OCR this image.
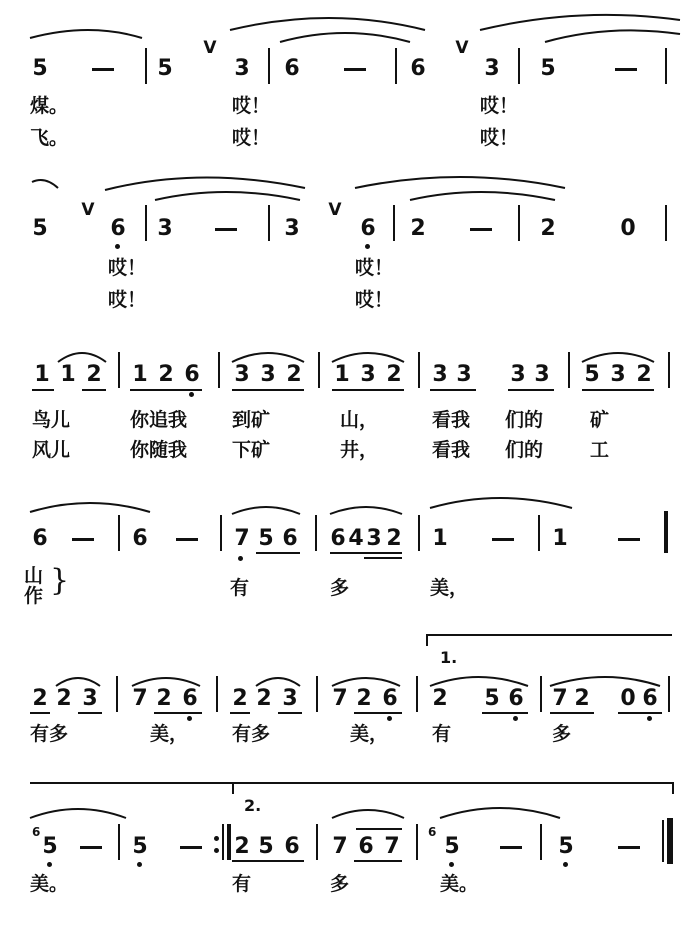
5	5
V
3 6	6
V
3 5
煤。	哎！	哎！
飞。	哎！	哎！
5
V
6 3	3
V
6 2	2	0
哎！	哎！
哎！	哎！
1 1 2 1 2 6 3 3 2 1 3 2 3 3 3 3 5 3 2
鸟儿	你追我 到矿	山，	看我 们的 矿
风儿	你随我 下矿	井，	看我 们的 工
6	6	7 5 6 6 4 3 2 1	1
山
作 }	有	多	美，
1.
2 2 3 7 2 6 2 2 3 7 2 6 2 5 6 7 2 0 6
有多	美， 有多	美， 有	多
2.
6
5	5	2 5 6 7 6 7
6
5	5
美。	有	多	美。
